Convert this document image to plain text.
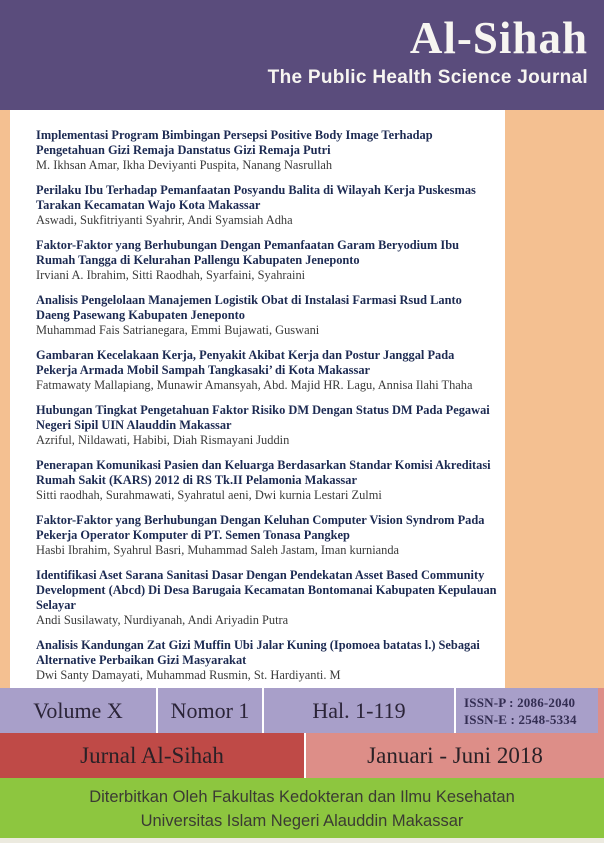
Al-Sihah
The Public Health Science Journal
Implementasi Program Bimbingan Persepsi Positive Body Image Terhadap Pengetahuan Gizi Remaja Danstatus Gizi Remaja Putri
M. Ikhsan Amar, Ikha Deviyanti Puspita, Nanang Nasrullah
Perilaku Ibu Terhadap Pemanfaatan Posyandu Balita di Wilayah Kerja Puskesmas Tarakan Kecamatan Wajo Kota Makassar
Aswadi, Sukfitriyanti Syahrir, Andi Syamsiah Adha
Faktor-Faktor yang Berhubungan Dengan Pemanfaatan Garam Beryodium Ibu Rumah Tangga di Kelurahan Pallengu Kabupaten Jeneponto
Irviani A. Ibrahim, Sitti Raodhah, Syarfaini, Syahraini
Analisis Pengelolaan Manajemen Logistik Obat di Instalasi Farmasi Rsud Lanto Daeng Pasewang Kabupaten Jeneponto
Muhammad Fais Satrianegara, Emmi Bujawati, Guswani
Gambaran Kecelakaan Kerja, Penyakit Akibat Kerja dan Postur Janggal Pada Pekerja Armada Mobil Sampah Tangkasaki’ di Kota Makassar
Fatmawaty Mallapiang, Munawir Amansyah, Abd. Majid HR. Lagu, Annisa Ilahi Thaha
Hubungan Tingkat Pengetahuan Faktor Risiko DM Dengan Status DM Pada Pegawai Negeri Sipil UIN Alauddin Makassar
Azriful, Nildawati, Habibi, Diah Rismayani Juddin
Penerapan Komunikasi Pasien dan Keluarga Berdasarkan Standar Komisi Akreditasi Rumah Sakit (KARS) 2012 di RS Tk.II Pelamonia Makassar
Sitti raodhah, Surahmawati, Syahratul aeni, Dwi kurnia Lestari Zulmi
Faktor-Faktor yang Berhubungan Dengan Keluhan Computer Vision Syndrom Pada Pekerja Operator Komputer di PT. Semen Tonasa Pangkep
Hasbi Ibrahim, Syahrul Basri, Muhammad Saleh Jastam, Iman kurnianda
Identifikasi Aset Sarana Sanitasi Dasar Dengan Pendekatan Asset Based Community Development (Abcd) Di Desa Barugaia Kecamatan Bontomanai Kabupaten Kepulauan Selayar
Andi Susilawaty, Nurdiyanah, Andi Ariyadin Putra
Analisis Kandungan Zat Gizi Muffin Ubi Jalar Kuning (Ipomoea batatas l.) Sebagai Alternative Perbaikan Gizi Masyarakat
Dwi Santy Damayati, Muhammad Rusmin, St. Hardiyanti. M
Volume X	Nomor 1	Hal. 1-119	ISSN-P : 2086-2040
ISSN-E : 2548-5334
Jurnal Al-Sihah	Januari - Juni 2018
Diterbitkan Oleh Fakultas Kedokteran dan Ilmu Kesehatan
Universitas Islam Negeri Alauddin Makassar
